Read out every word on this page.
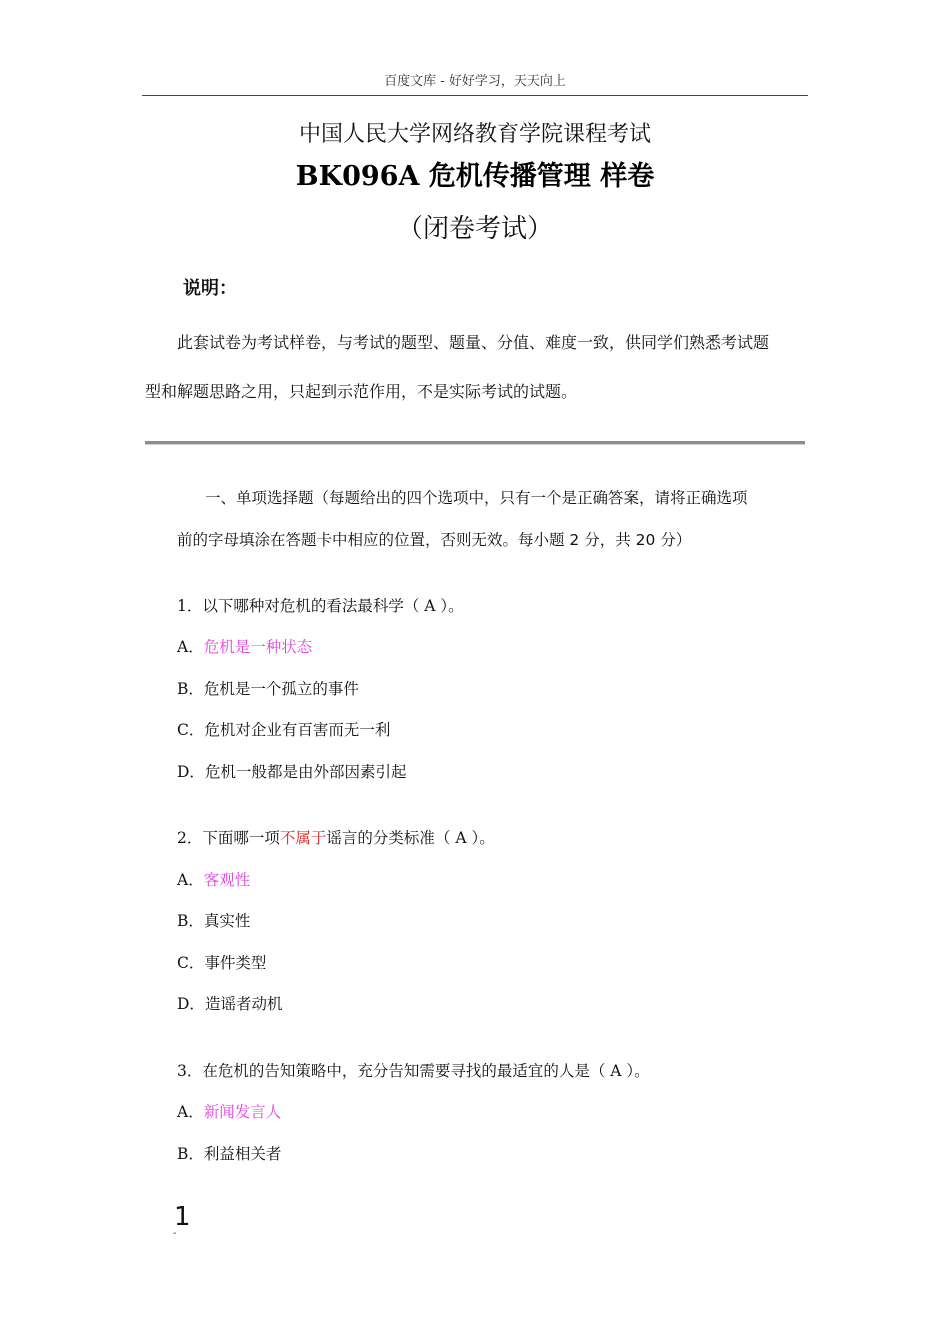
百度文库 - 好好学习，天天向上
中国人民大学网络教育学院课程考试
BK096A 危机传播管理 样卷
（闭卷考试）
说明：
此套试卷为考试样卷，与考试的题型、题量、分值、难度一致，供同学们熟悉考试题
型和解题思路之用，只起到示范作用，不是实际考试的试题。
一、单项选择题（每题给出的四个选项中，只有一个是正确答案，请将正确选项
前的字母填涂在答题卡中相应的位置，否则无效。每小题 2 分，共 20 分）
1．以下哪种对危机的看法最科学（ A ）。
A．危机是一种状态
B．危机是一个孤立的事件
C．危机对企业有百害而无一利
D．危机一般都是由外部因素引起
2．下面哪一项不属于谣言的分类标准（ A ）。
A．客观性
B．真实性
C．事件类型
D．造谣者动机
3．在危机的告知策略中，充分告知需要寻找的最适宜的人是（ A ）。
A．新闻发言人
B．利益相关者
1
-
